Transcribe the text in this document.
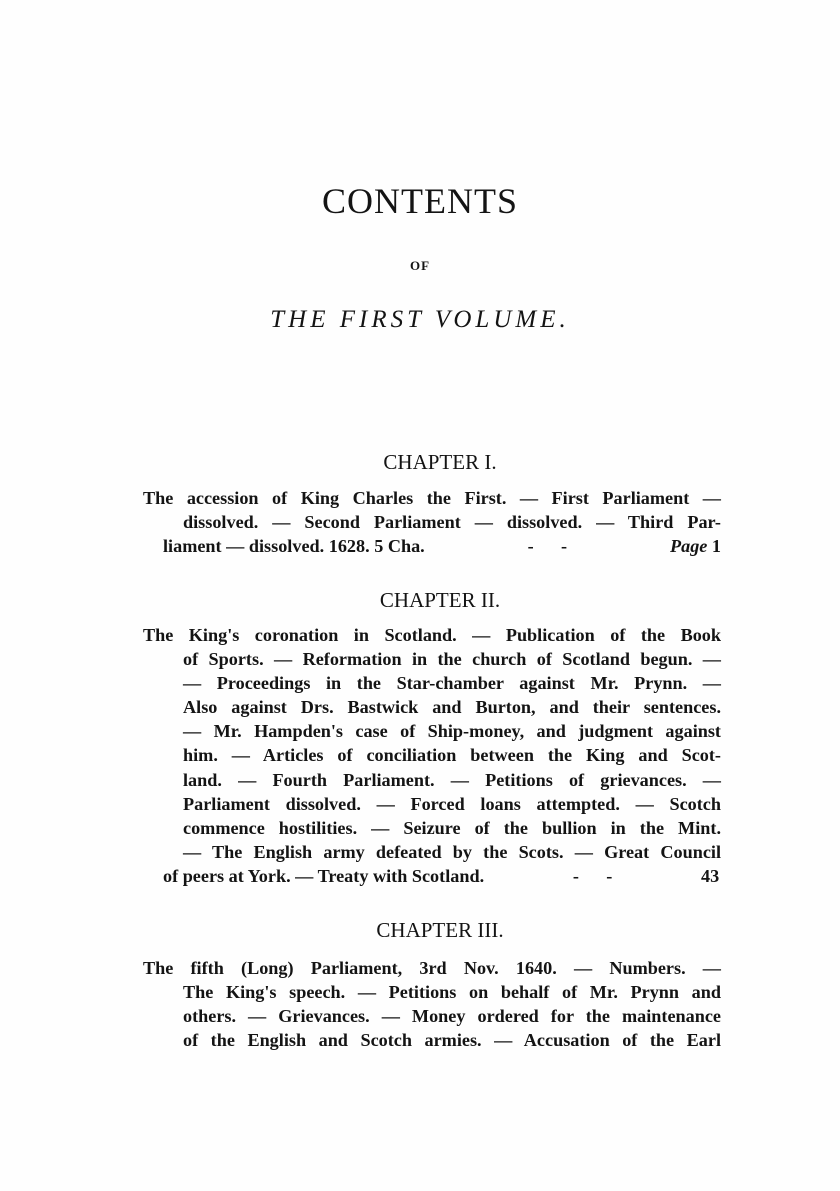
CONTENTS
OF
THE FIRST VOLUME.
CHAPTER I.
The accession of King Charles the First. — First Parliament —
dissolved. — Second Parliament — dissolved. — Third Par-
liament — dissolved. 1628. 5 Cha.	-      -	Page 1
CHAPTER II.
The King's coronation in Scotland. — Publication of the Book
of Sports. — Reformation in the church of Scotland begun. —
— Proceedings in the Star-chamber against Mr. Prynn. —
Also against Drs. Bastwick and Burton, and their sentences.
— Mr. Hampden's case of Ship-money, and judgment against
him. — Articles of conciliation between the King and Scot-
land. — Fourth Parliament. — Petitions of grievances. —
Parliament dissolved. — Forced loans attempted. — Scotch
commence hostilities. — Seizure of the bullion in the Mint.
— The English army defeated by the Scots. — Great Council
of peers at York. — Treaty with Scotland.	-      -	43
CHAPTER III.
The fifth (Long) Parliament, 3rd Nov. 1640. — Numbers. —
The King's speech. — Petitions on behalf of Mr. Prynn and
others. — Grievances. — Money ordered for the maintenance
of the English and Scotch armies. — Accusation of the Earl
